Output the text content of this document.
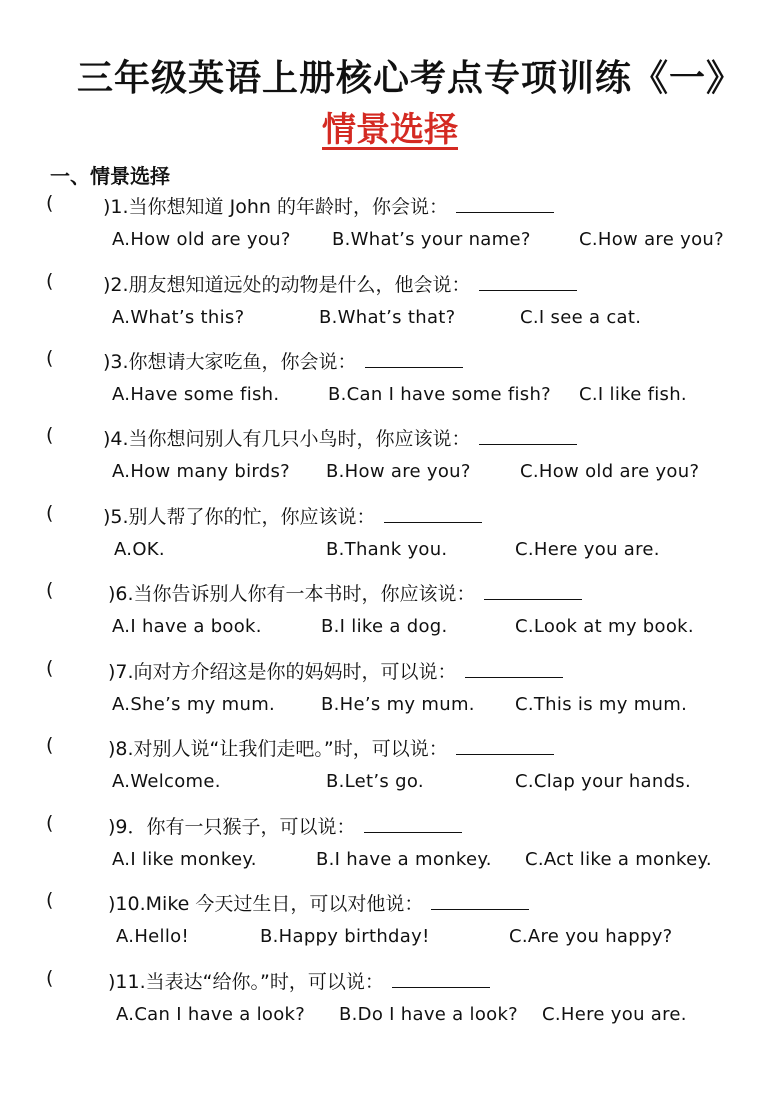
三年级英语上册核心考点专项训练《一》
情景选择
一、情景选择
(	)1.当你想知道 John 的年龄时，你会说：
A.How old are you? B.What’s your name?	C.How are you?
(	)2.朋友想知道远处的动物是什么，他会说：
A.What’s this?	B.What’s that?	C.I see a cat.
(	)3.你想请大家吃鱼，你会说：
A.Have some fish.	B.Can I have some fish? C.I like fish.
(	)4.当你想问别人有几只小鸟时，你应该说：
A.How many birds? B.How are you?	C.How old are you?
(	)5.别人帮了你的忙，你应该说：
A.OK.	B.Thank you.	C.Here you are.
(	)6.当你告诉别人你有一本书时，你应该说：
A.I have a book.	B.I like a dog.	C.Look at my book.
(	)7.向对方介绍这是你的妈妈时，可以说：
A.She’s my mum.	B.He’s my mum. C.This is my mum.
(	)8.对别人说“让我们走吧。”时，可以说：
A.Welcome.	B.Let’s go.	C.Clap your hands.
(	)9．你有一只猴子，可以说：
A.I like monkey.	B.I have a monkey. C.Act like a monkey.
(	)10.Mike 今天过生日，可以对他说：
A.Hello!	B.Happy birthday!	C.Are you happy?
(	)11.当表达“给你。”时，可以说：
A.Can I have a look? B.Do I have a look? C.Here you are.
